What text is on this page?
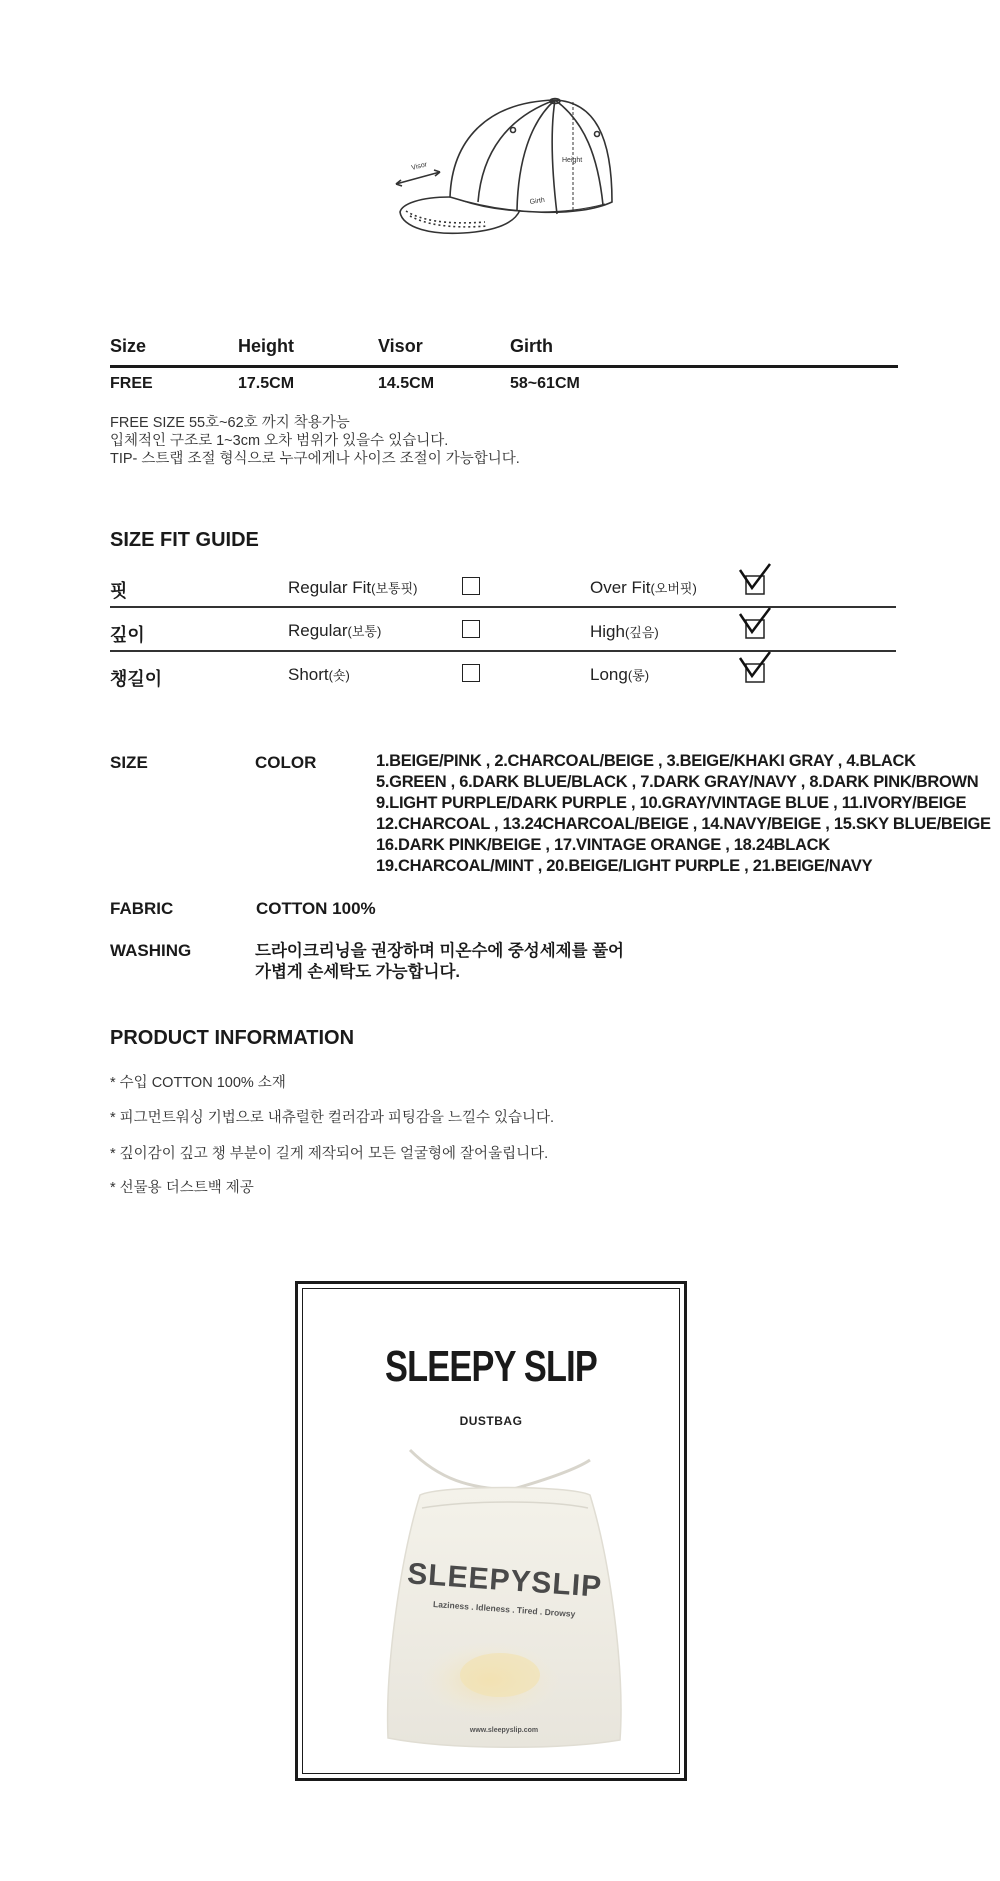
Visor
Height
Girth
Size	Height	Visor	Girth
FREE	17.5CM	14.5CM	58~61CM
FREE SIZE 55호~62호 까지 착용가능
입체적인 구조로 1~3cm 오차 범위가 있을수 있습니다.
TIP- 스트랩 조절 형식으로 누구에게나 사이즈 조절이 가능합니다.
SIZE FIT GUIDE
핏	Regular Fit(보통핏)	Over Fit(오버핏)
깊이	Regular(보통)	High(깊음)
챙길이	Short(숏)	Long(롱)
SIZE	COLOR	1.BEIGE/PINK , 2.CHARCOAL/BEIGE , 3.BEIGE/KHAKI GRAY , 4.BLACK
5.GREEN , 6.DARK BLUE/BLACK , 7.DARK GRAY/NAVY , 8.DARK PINK/BROWN
9.LIGHT PURPLE/DARK PURPLE , 10.GRAY/VINTAGE BLUE , 11.IVORY/BEIGE
12.CHARCOAL , 13.24CHARCOAL/BEIGE , 14.NAVY/BEIGE , 15.SKY BLUE/BEIGE
16.DARK PINK/BEIGE , 17.VINTAGE ORANGE , 18.24BLACK
19.CHARCOAL/MINT , 20.BEIGE/LIGHT PURPLE , 21.BEIGE/NAVY
FABRIC	COTTON 100%
WASHING	드라이크리닝을 권장하며 미온수에 중성세제를 풀어
가볍게 손세탁도 가능합니다.
PRODUCT INFORMATION
* 수입 COTTON 100% 소재
* 피그먼트워싱 기법으로 내츄럴한 컬러감과 피팅감을 느낄수 있습니다.
* 깊이감이 깊고 챙 부분이 길게 제작되어 모든 얼굴형에 잘어울립니다.
* 선물용 더스트백 제공
SLEEPY SLIP
DUSTBAG
SLEEPYSLIP
Laziness . Idleness . Tired . Drowsy
www.sleepyslip.com
